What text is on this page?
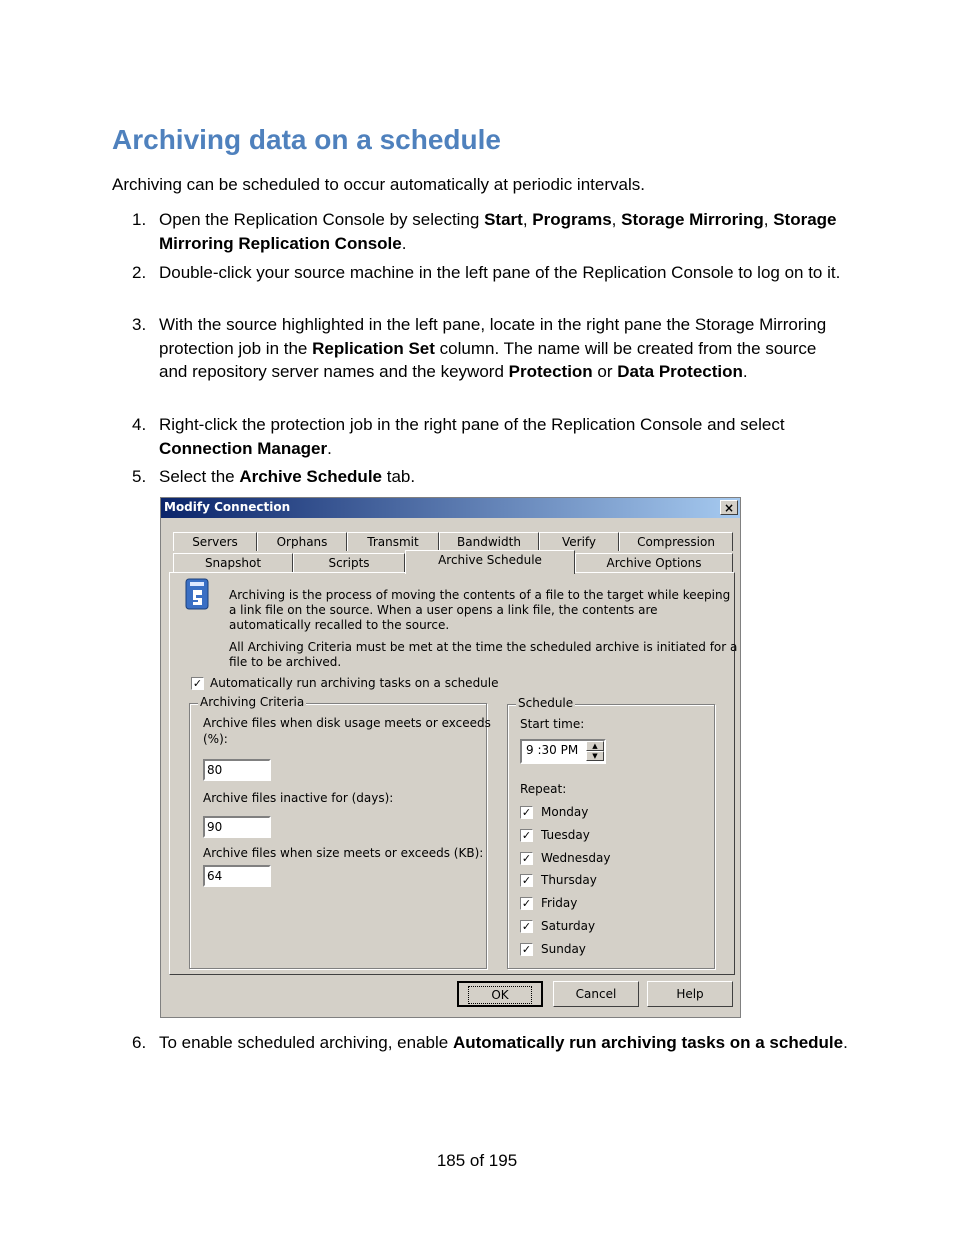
Archiving data on a schedule
Archiving can be scheduled to occur automatically at periodic intervals.
1. Open the Replication Console by selecting Start, Programs, Storage Mirroring, Storage Mirroring Replication Console.
2. Double-click your source machine in the left pane of the Replication Console to log on to it.
3. With the source highlighted in the left pane, locate in the right pane the Storage Mirroring protection job in the Replication Set column. The name will be created from the source and repository server names and the keyword Protection or Data Protection.
4. Right-click the protection job in the right pane of the Replication Console and select Connection Manager.
5. Select the Archive Schedule tab.
Modify Connection	×
Servers	Orphans	Transmit	Bandwidth	Verify	Compression
Snapshot	Scripts	Archive Schedule	Archive Options
Archiving is the process of moving the contents of a file to the target while keeping
a link file on the source. When a user opens a link file, the contents are
automatically recalled to the source.
All Archiving Criteria must be met at the time the scheduled archive is initiated for a
file to be archived.
✓ Automatically run archiving tasks on a schedule
Archiving Criteria
Archive files when disk usage meets or exceeds
(%):
80
Archive files inactive for (days):
90
Archive files when size meets or exceeds (KB):
64
Schedule
Start time:
9 :30 PM	▲
▼
Repeat:
✓ Monday
✓ Tuesday
✓ Wednesday
✓ Thursday
✓ Friday
✓ Saturday
✓ Sunday
OK	Cancel	Help
6. To enable scheduled archiving, enable Automatically run archiving tasks on a schedule.
185 of 195
